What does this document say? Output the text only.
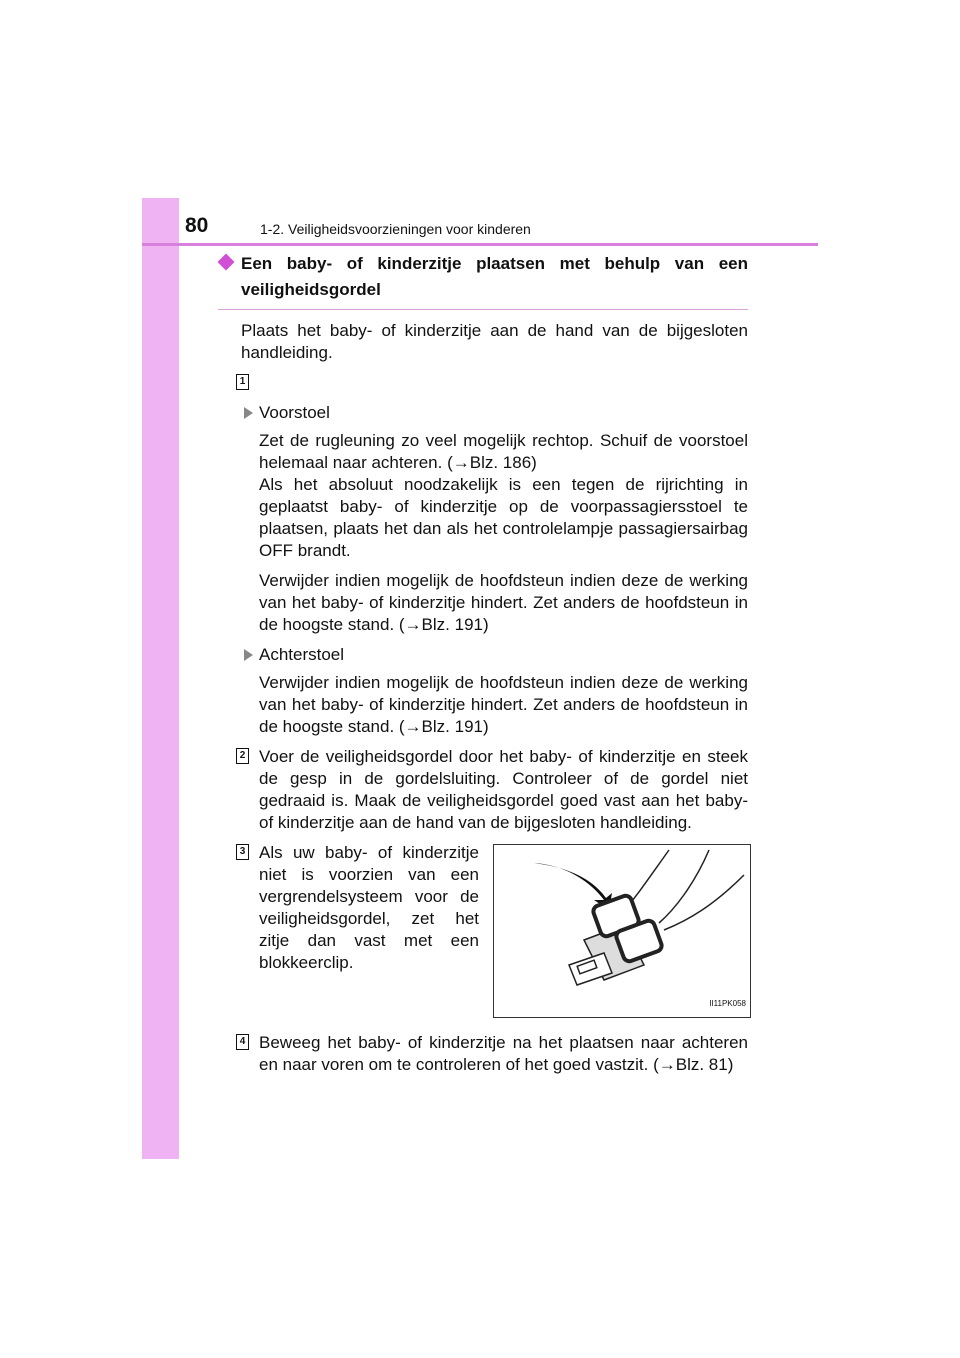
80	1-2. Veiligheidsvoorzieningen voor kinderen
Een baby- of kinderzitje plaatsen met behulp van een veiligheidsgordel

Plaats het baby- of kinderzitje aan de hand van de bijgesloten handleiding.

1
Voorstoel

Zet de rugleuning zo veel mogelijk rechtop. Schuif de voorstoel helemaal naar achteren. (→Blz. 186)

Als het absoluut noodzakelijk is een tegen de rijrichting in geplaatst baby- of kinderzitje op de voorpassagiersstoel te plaatsen, plaats het dan als het controlelampje passagiersairbag OFF brandt.

Verwijder indien mogelijk de hoofdsteun indien deze de werking van het baby- of kinderzitje hindert. Zet anders de hoofdsteun in de hoogste stand. (→Blz. 191)

Achterstoel

Verwijder indien mogelijk de hoofdsteun indien deze de werking van het baby- of kinderzitje hindert. Zet anders de hoofdsteun in de hoogste stand. (→Blz. 191)

2 Voer de veiligheidsgordel door het baby- of kinderzitje en steek de gesp in de gordelsluiting. Controleer of de gordel niet gedraaid is. Maak de veiligheidsgordel goed vast aan het baby- of kinderzitje aan de hand van de bijgesloten handleiding.
3 Als uw baby- of kinderzitje niet is voorzien van een vergrendelsysteem voor de veiligheidsgordel, zet het zitje dan vast met een blokkeerclip.
II11PK058
4 Beweeg het baby- of kinderzitje na het plaatsen naar achteren en naar voren om te controleren of het goed vastzit. (→Blz. 81)
